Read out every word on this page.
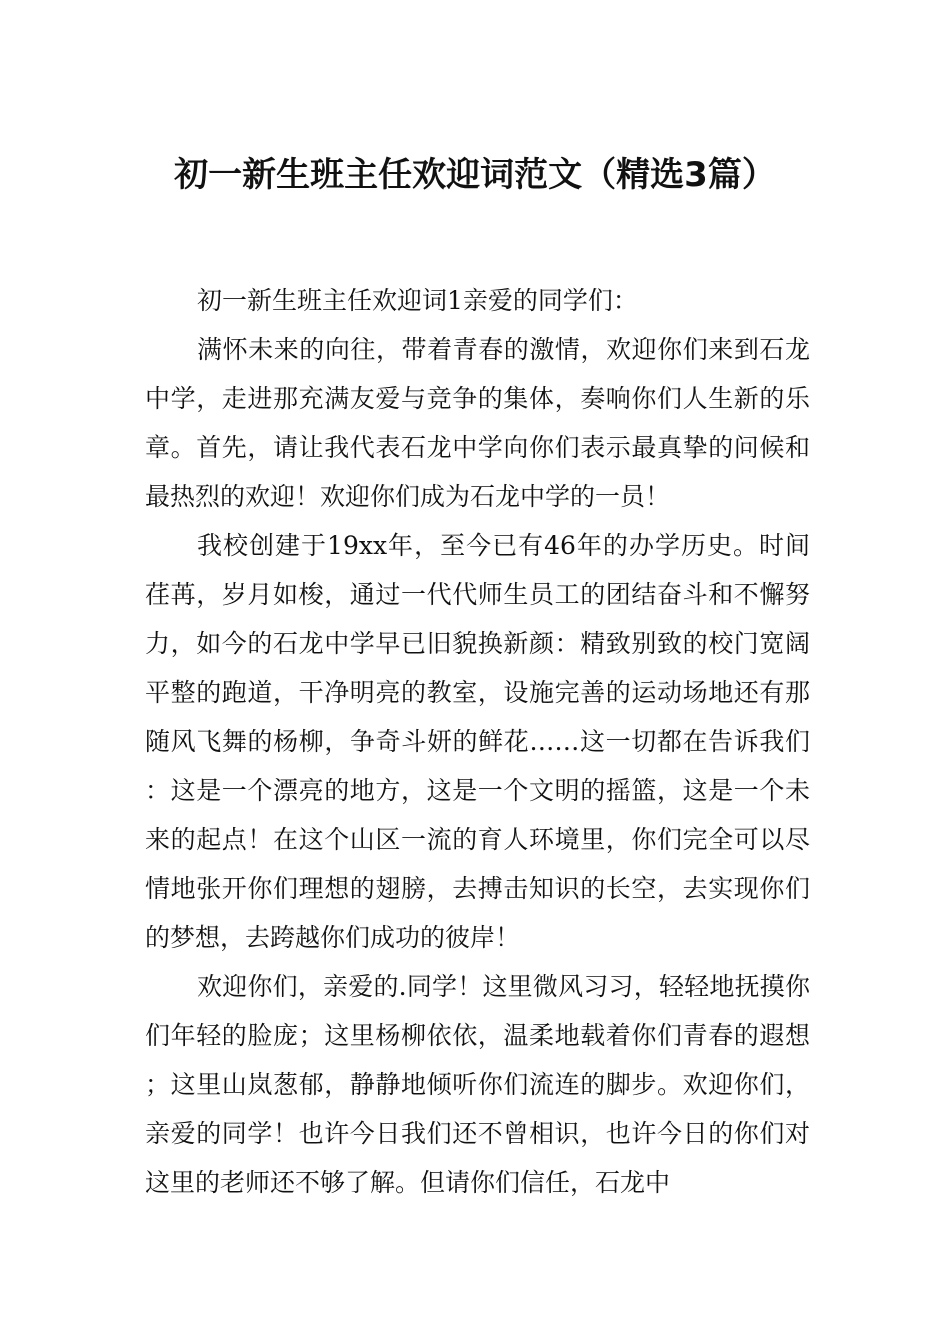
初一新生班主任欢迎词范文（精选3篇）

初一新生班主任欢迎词1亲爱的同学们：

满怀未来的向往，带着青春的激情，欢迎你们来到石龙中学，走进那充满友爱与竞争的集体，奏响你们人生新的乐章。首先，请让我代表石龙中学向你们表示最真挚的问候和最热烈的欢迎！欢迎你们成为石龙中学的一员！

我校创建于19xx年，至今已有46年的办学历史。时间荏苒，岁月如梭，通过一代代师生员工的团结奋斗和不懈努力，如今的石龙中学早已旧貌换新颜：精致别致的校门宽阔平整的跑道，干净明亮的教室，设施完善的运动场地还有那随风飞舞的杨柳，争奇斗妍的鲜花……这一切都在告诉我们：这是一个漂亮的地方，这是一个文明的摇篮，这是一个未来的起点！在这个山区一流的育人环境里，你们完全可以尽情地张开你们理想的翅膀，去搏击知识的长空，去实现你们的梦想，去跨越你们成功的彼岸！

欢迎你们，亲爱的.同学！这里微风习习，轻轻地抚摸你们年轻的脸庞；这里杨柳依依，温柔地载着你们青春的遐想；这里山岚葱郁，静静地倾听你们流连的脚步。欢迎你们，亲爱的同学！也许今日我们还不曾相识，也许今日的你们对这里的老师还不够了解。但请你们信任，石龙中
